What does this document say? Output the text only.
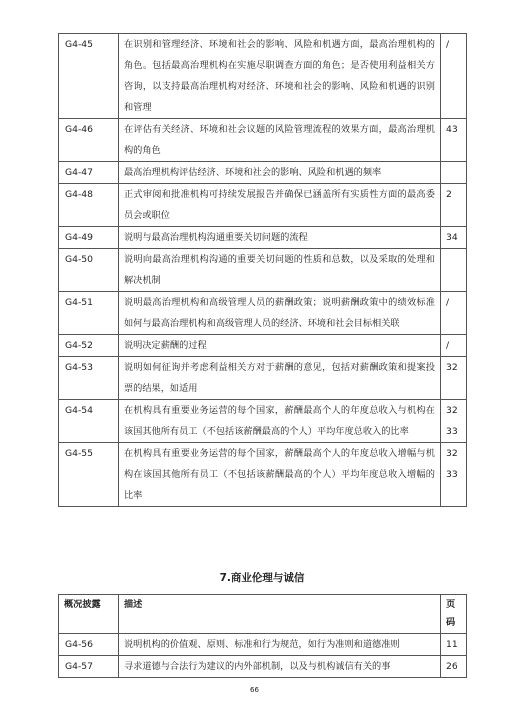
G4-45	在识别和管理经济、环境和社会的影响、风险和机遇方面，最高治理机构的角色。包括最高治理机构在实施尽职调查方面的角色；是否使用利益相关方咨询，以支持最高治理机构对经济、环境和社会的影响、风险和机遇的识别和管理	/

G4-46	在评估有关经济、环境和社会议题的风险管理流程的效果方面，最高治理机构的角色	43

G4-47	最高治理机构评估经济、环境和社会的影响、风险和机遇的频率	

G4-48	正式审阅和批准机构可持续发展报告并确保已涵盖所有实质性方面的最高委员会或职位	2

G4-49	说明与最高治理机构沟通重要关切问题的流程	34

G4-50	说明向最高治理机构沟通的重要关切问题的性质和总数，以及采取的处理和解决机制	

G4-51	说明最高治理机构和高级管理人员的薪酬政策；说明薪酬政策中的绩效标准如何与最高治理机构和高级管理人员的经济、环境和社会目标相关联	/

G4-52	说明决定薪酬的过程	/

G4-53	说明如何征询并考虑利益相关方对于薪酬的意见，包括对薪酬政策和提案投票的结果，如适用	32

G4-54	在机构具有重要业务运营的每个国家，薪酬最高个人的年度总收入与机构在该国其他所有员工（不包括该薪酬最高的个人）平均年度总收入的比率	32
33

G4-55	在机构具有重要业务运营的每个国家，薪酬最高个人的年度总收入增幅与机构在该国其他所有员工（不包括该薪酬最高的个人）平均年度总收入增幅的比率	32
33

7.商业伦理与诚信

概况披露	描述	页码
G4-56	说明机构的价值观、原则、标准和行为规范，如行为准则和道德准则	11

G4-57	寻求道德与合法行为建议的内外部机制，以及与机构诚信有关的事	26

66
